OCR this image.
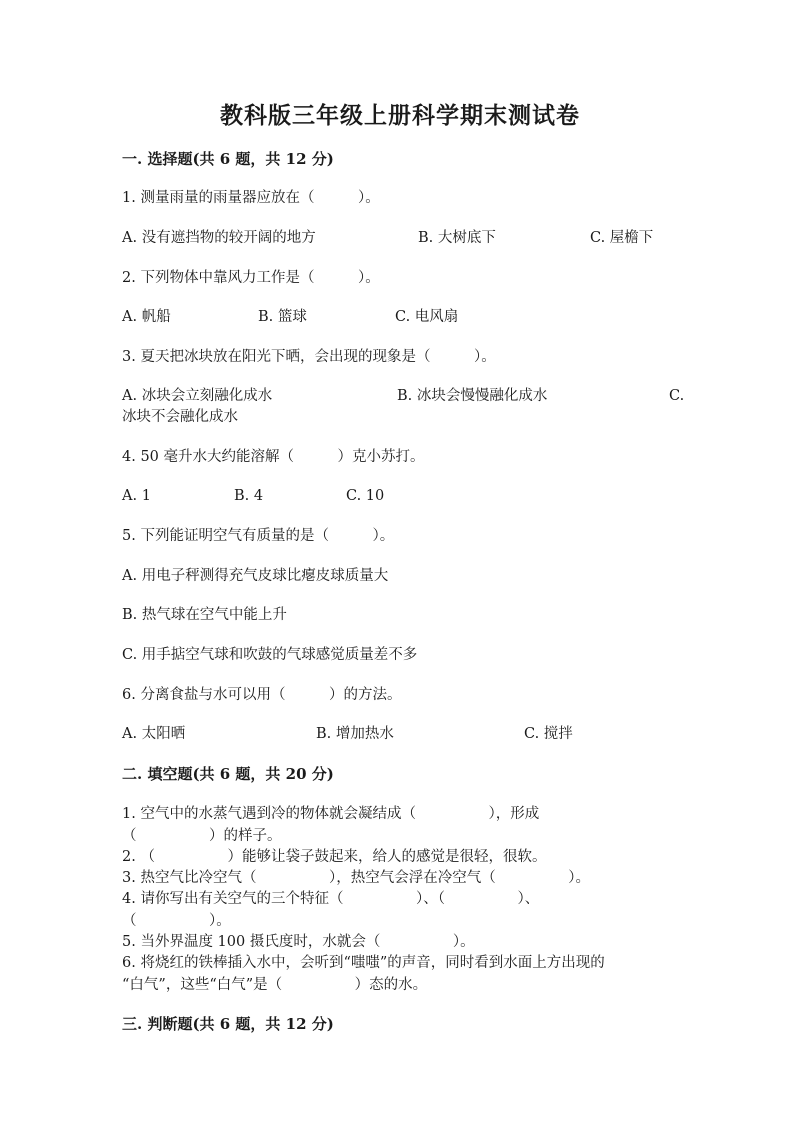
教科版三年级上册科学期末测试卷
一. 选择题(共 6 题，共 12 分)
1. 测量雨量的雨量器应放在（　　　）。
A. 没有遮挡物的较开阔的地方	B. 大树底下	C. 屋檐下
2. 下列物体中靠风力工作是（　　　）。
A. 帆船	B. 篮球	C. 电风扇
3. 夏天把冰块放在阳光下晒，会出现的现象是（　　　）。
A. 冰块会立刻融化成水	B. 冰块会慢慢融化成水	C.
冰块不会融化成水
4. 50 毫升水大约能溶解（　　　）克小苏打。
A. 1	B. 4	C. 10
5. 下列能证明空气有质量的是（　　　）。
A. 用电子秤测得充气皮球比瘪皮球质量大
B. 热气球在空气中能上升
C. 用手掂空气球和吹鼓的气球感觉质量差不多
6. 分离食盐与水可以用（　　　）的方法。
A. 太阳晒	B. 增加热水	C. 搅拌
二. 填空题(共 6 题，共 20 分)
1. 空气中的水蒸气遇到冷的物体就会凝结成（　　　　　），形成
（　　　　　）的样子。
2. （　　　　　）能够让袋子鼓起来，给人的感觉是很轻，很软。
3. 热空气比冷空气（　　　　　），热空气会浮在冷空气（　　　　　）。
4. 请你写出有关空气的三个特征（　　　　　）、（　　　　　）、
（　　　　　）。
5. 当外界温度 100 摄氏度时，水就会（　　　　　）。
6. 将烧红的铁棒插入水中，会听到“嗤嗤”的声音，同时看到水面上方出现的
“白气”，这些“白气”是（　　　　　）态的水。
三. 判断题(共 6 题，共 12 分)
